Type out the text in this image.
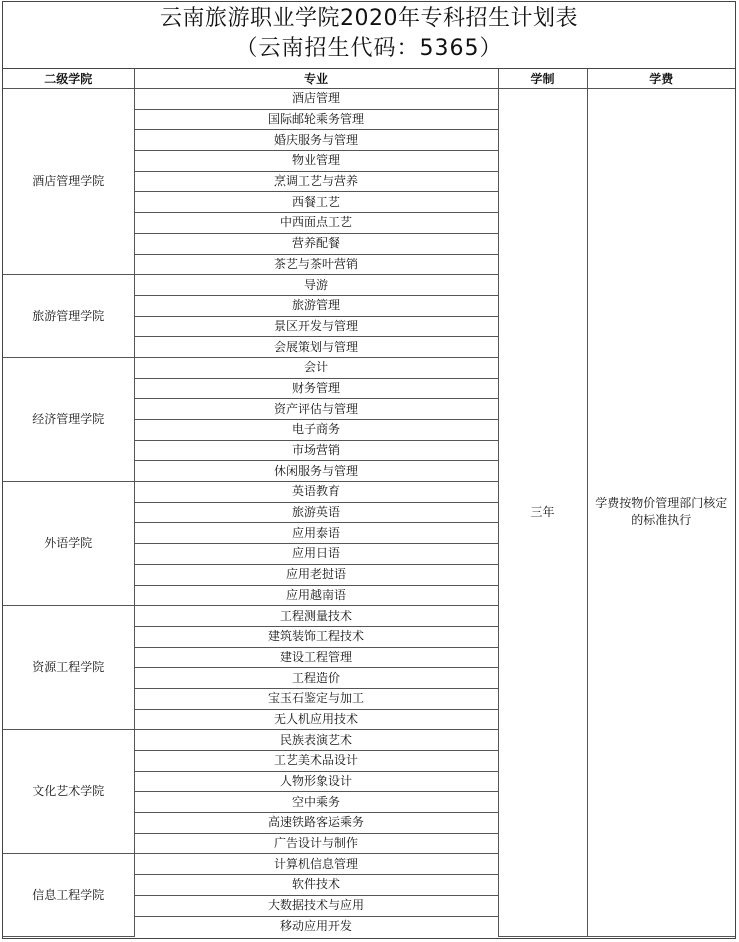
云南旅游职业学院2020年专科招生计划表
（云南招生代码：5365）
二级学院	专业	学制	学费
酒店管理学院	酒店管理	三年	学费按物价管理部门核定的标准执行
	国际邮轮乘务管理		
	婚庆服务与管理		
	物业管理		
	烹调工艺与营养		
	西餐工艺		
	中西面点工艺		
	营养配餐		
	茶艺与茶叶营销		
旅游管理学院	导游		
	旅游管理		
	景区开发与管理		
	会展策划与管理		
经济管理学院	会计		
	财务管理		
	资产评估与管理		
	电子商务		
	市场营销		
	休闲服务与管理		
外语学院	英语教育		
	旅游英语		
	应用泰语		
	应用日语		
	应用老挝语		
	应用越南语		
资源工程学院	工程测量技术		
	建筑装饰工程技术		
	建设工程管理		
	工程造价		
	宝玉石鉴定与加工		
	无人机应用技术		
文化艺术学院	民族表演艺术		
	工艺美术品设计		
	人物形象设计		
	空中乘务		
	高速铁路客运乘务		
	广告设计与制作		
信息工程学院	计算机信息管理		
	软件技术		
	大数据技术与应用		
	移动应用开发		
